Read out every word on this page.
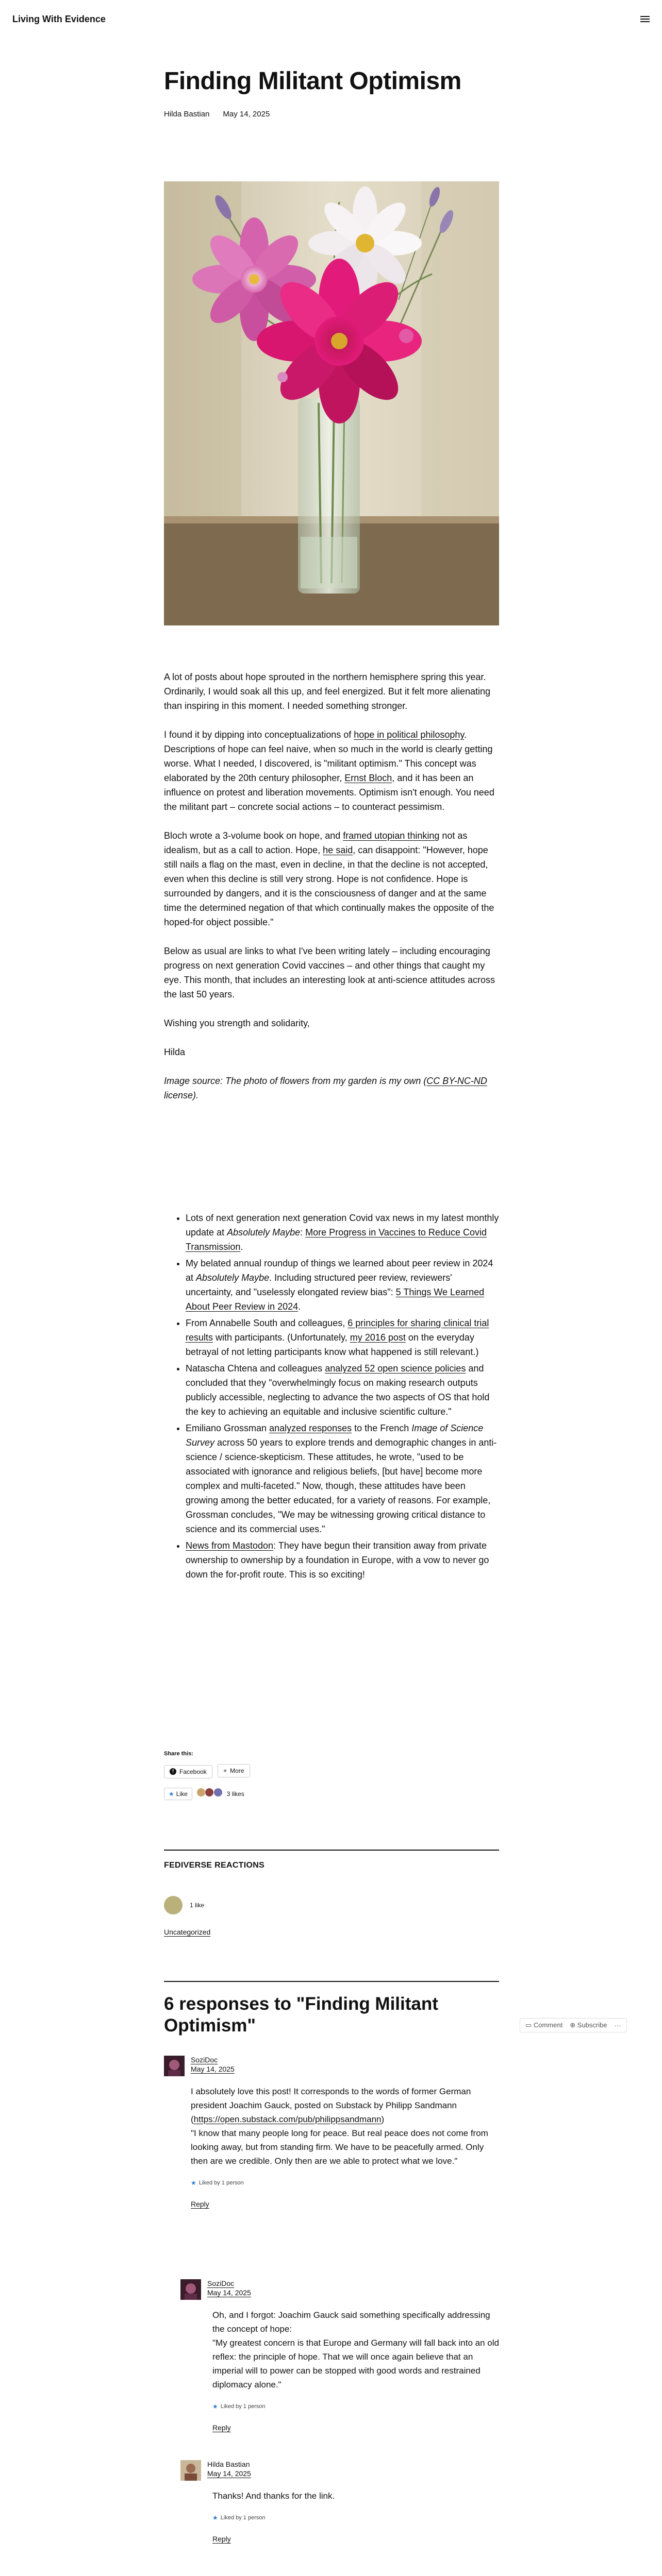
Living With Evidence
Finding Militant Optimism
Hilda Bastian May 14, 2025

A lot of posts about hope sprouted in the northern hemisphere spring this year. Ordinarily, I would soak all this up, and feel energized. But it felt more alienating than inspiring in this moment. I needed something stronger.

I found it by dipping into conceptualizations of hope in political philosophy. Descriptions of hope can feel naive, when so much in the world is clearly getting worse. What I needed, I discovered, is "militant optimism." This concept was elaborated by the 20th century philosopher, Ernst Bloch, and it has been an influence on protest and liberation movements. Optimism isn't enough. You need the militant part – concrete social actions – to counteract pessimism.

Bloch wrote a 3-volume book on hope, and framed utopian thinking not as idealism, but as a call to action. Hope, he said, can disappoint: "However, hope still nails a flag on the mast, even in decline, in that the decline is not accepted, even when this decline is still very strong. Hope is not confidence. Hope is surrounded by dangers, and it is the consciousness of danger and at the same time the determined negation of that which continually makes the opposite of the hoped-for object possible."

Below as usual are links to what I've been writing lately – including encouraging progress on next generation Covid vaccines – and other things that caught my eye. This month, that includes an interesting look at anti-science attitudes across the last 50 years.

Wishing you strength and solidarity,

Hilda

Image source: The photo of flowers from my garden is my own (CC BY-NC-ND license).

• Lots of next generation next generation Covid vax news in my latest monthly update at Absolutely Maybe: More Progress in Vaccines to Reduce Covid Transmission.
• My belated annual roundup of things we learned about peer review in 2024 at Absolutely Maybe. Including structured peer review, reviewers' uncertainty, and "uselessly elongated review bias": 5 Things We Learned About Peer Review in 2024.
• From Annabelle South and colleagues, 6 principles for sharing clinical trial results with participants. (Unfortunately, my 2016 post on the everyday betrayal of not letting participants know what happened is still relevant.)
• Natascha Chtena and colleagues analyzed 52 open science policies and concluded that they "overwhelmingly focus on making research outputs publicly accessible, neglecting to advance the two aspects of OS that hold the key to achieving an equitable and inclusive scientific culture."
• Emiliano Grossman analyzed responses to the French Image of Science Survey across 50 years to explore trends and demographic changes in anti-science / science-skepticism. These attitudes, he wrote, "used to be associated with ignorance and religious beliefs, [but have] become more complex and multi-faceted." Now, though, these attitudes have been growing among the better educated, for a variety of reasons. For example, Grossman concludes, "We may be witnessing growing critical distance to science and its commercial uses."
• News from Mastodon: They have begun their transition away from private ownership to ownership by a foundation in Europe, with a vow to never go down the for-profit route. This is so exciting!
Share this:
f Facebook
	+ More
★ Like
	3 likes
FEDIVERSE REACTIONS
1 like
Uncategorized
6 responses to "Finding Militant Optimism"
SoziDoc
May 14, 2025

I absolutely love this post! It corresponds to the words of former German president Joachim Gauck, posted on Substack by Philipp Sandmann
(https://open.substack.com/pub/philippsandmann)
"I know that many people long for peace. But real peace does not come from looking away, but from standing firm. We have to be peacefully armed. Only then are we credible. Only then are we able to protect what we love."

★ Liked by 1 person
Reply
SoziDoc
May 14, 2025

Oh, and I forgot: Joachim Gauck said something specifically addressing the concept of hope:
"My greatest concern is that Europe and Germany will fall back into an old reflex: the principle of hope. That we will once again believe that an imperial will to power can be stopped with good words and restrained diplomacy alone."

★ Liked by 1 person
Reply
Hilda Bastian
May 14, 2025

Thanks! And thanks for the link.

★ Liked by 1 person
Reply

▭ Comment ⊕ Subscribe ···
